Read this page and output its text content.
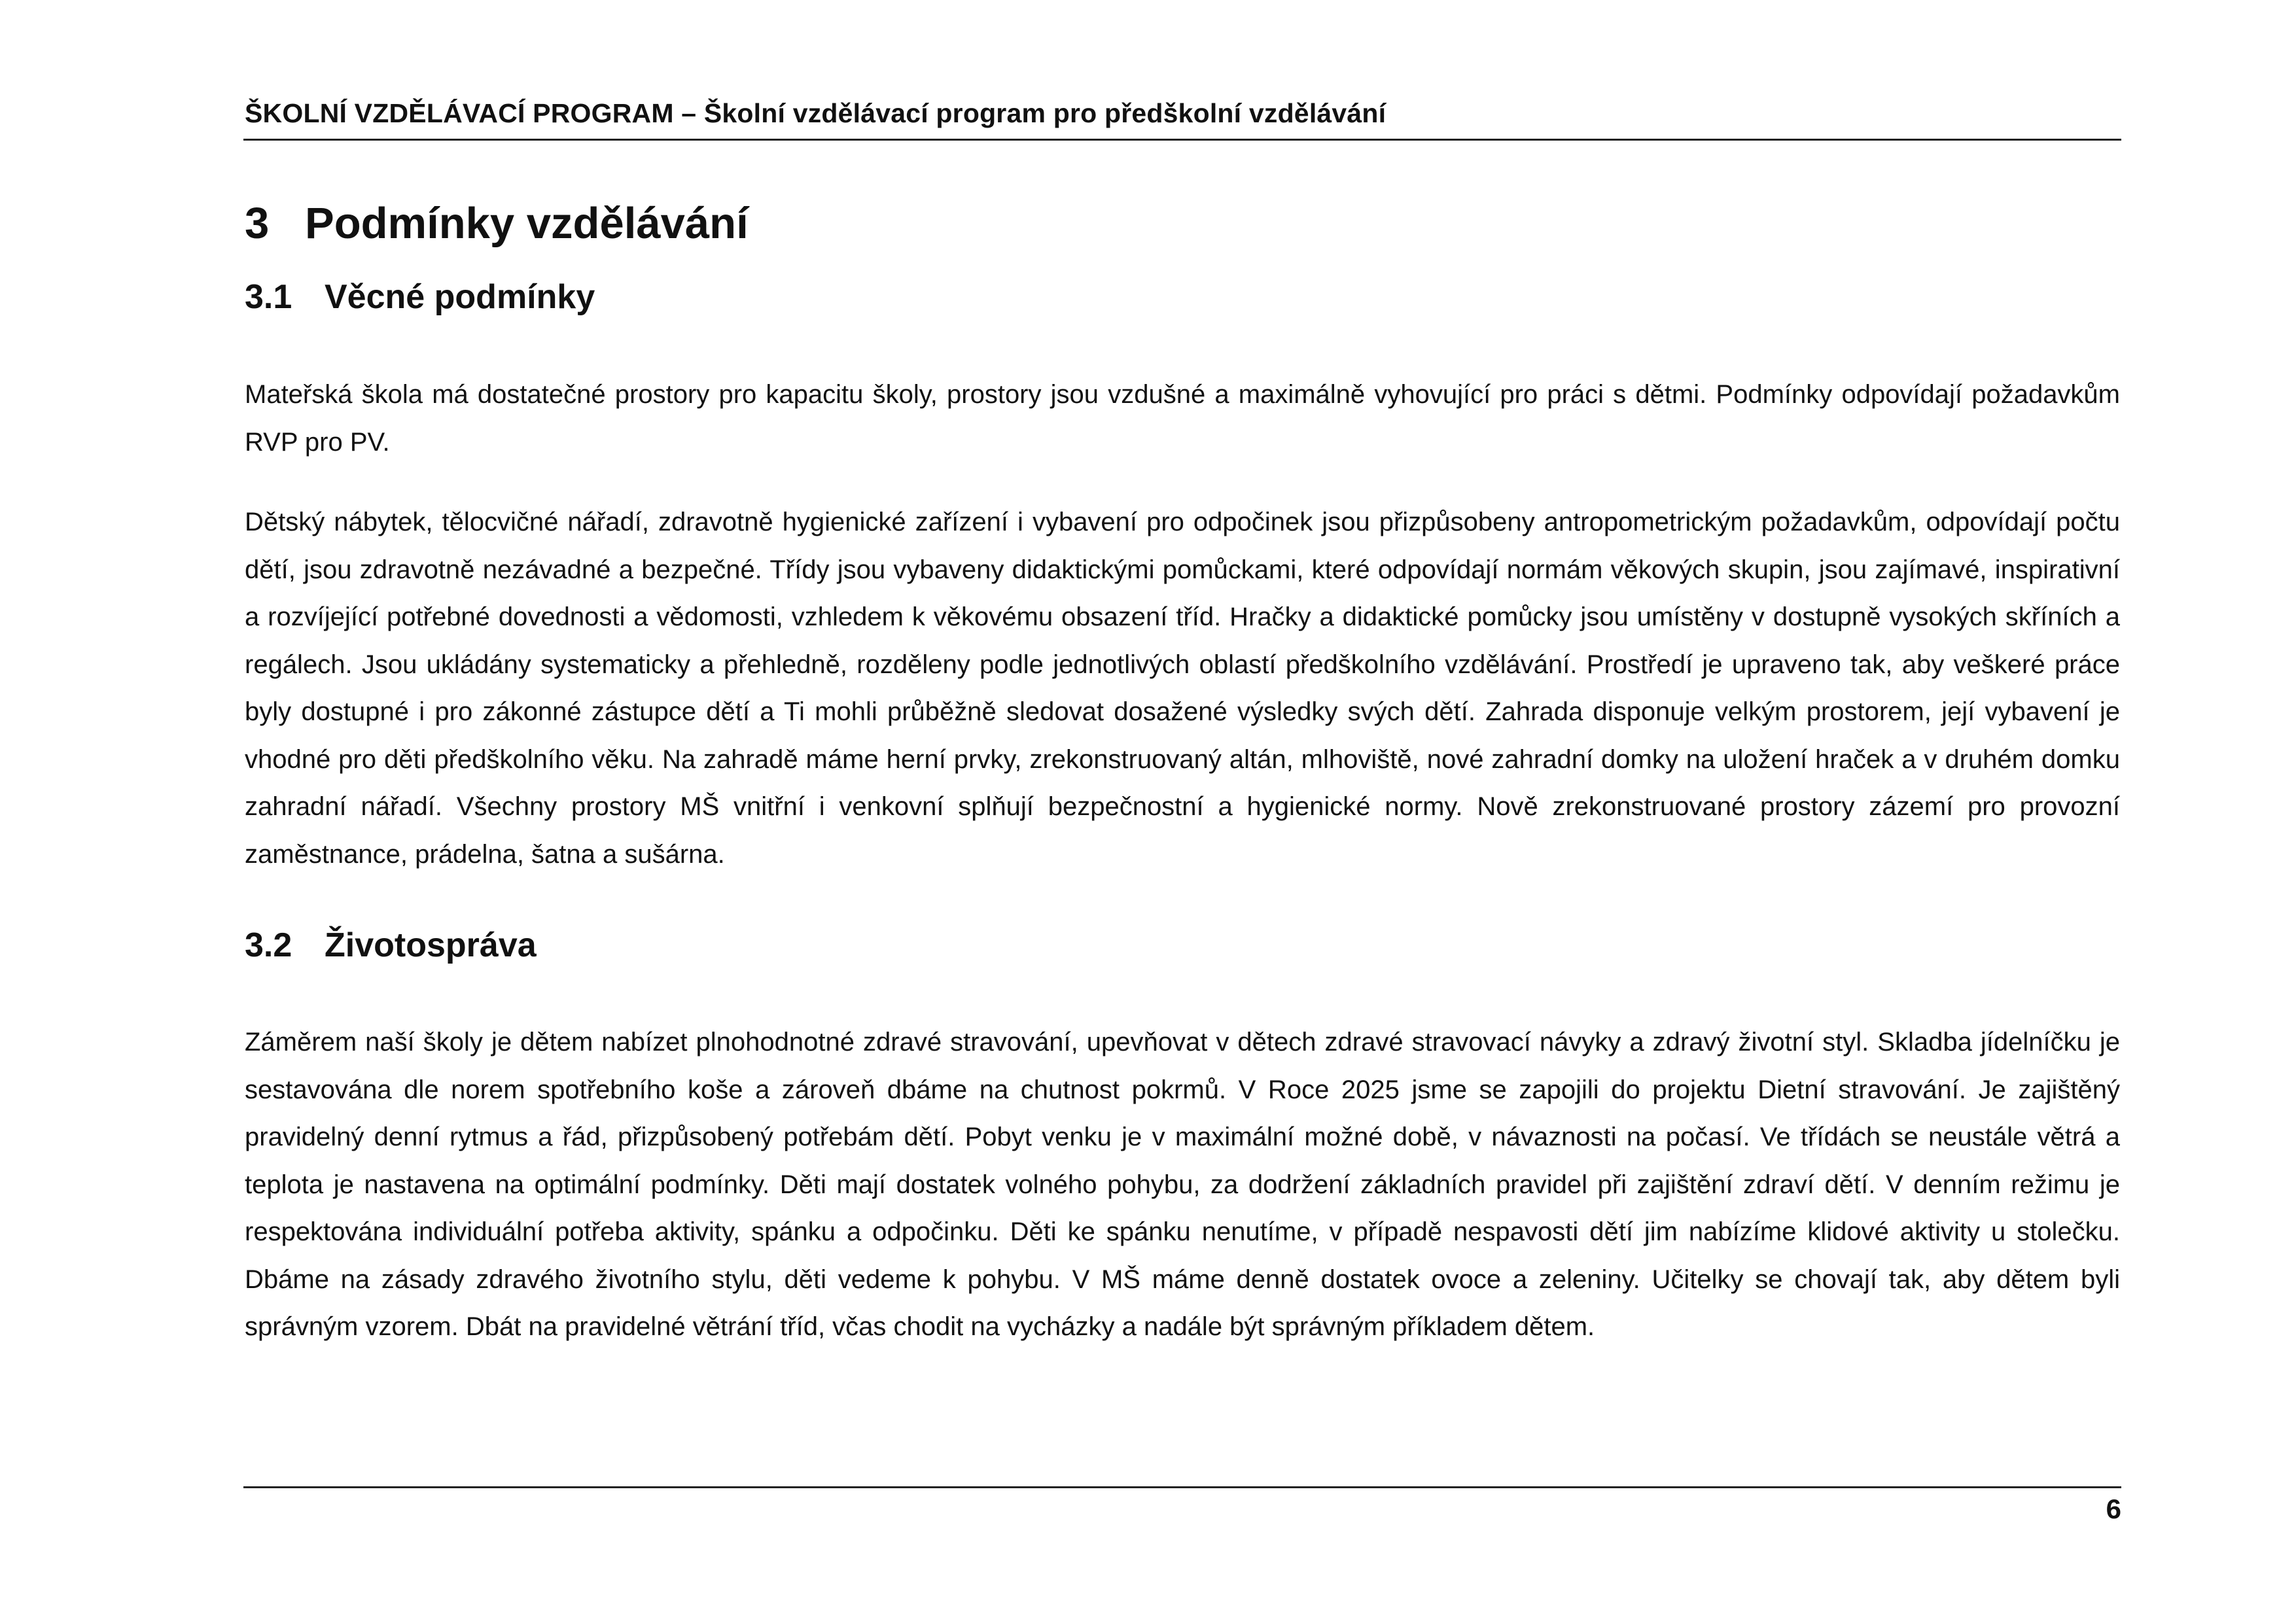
ŠKOLNÍ VZDĚLÁVACÍ PROGRAM – Školní vzdělávací program pro předškolní vzdělávání
3 Podmínky vzdělávání
3.1 Věcné podmínky

Mateřská škola má dostatečné prostory pro kapacitu školy, prostory jsou vzdušné a maximálně vyhovující pro práci s dětmi. Podmínky odpovídají požadavkům RVP pro PV.

Dětský nábytek, tělocvičné nářadí, zdravotně hygienické zařízení i vybavení pro odpočinek jsou přizpůsobeny antropometrickým požadavkům, odpovídají počtu dětí, jsou zdravotně nezávadné a bezpečné. Třídy jsou vybaveny didaktickými pomůckami, které odpovídají normám věkových skupin, jsou zajímavé, inspirativní a rozvíjející potřebné dovednosti a vědomosti, vzhledem k věkovému obsazení tříd. Hračky a didaktické pomůcky jsou umístěny v dostupně vysokých skříních a regálech. Jsou ukládány systematicky a přehledně, rozděleny podle jednotlivých oblastí předškolního vzdělávání. Prostředí je upraveno tak, aby veškeré práce byly dostupné i pro zákonné zástupce dětí a Ti mohli průběžně sledovat dosažené výsledky svých dětí. Zahrada disponuje velkým prostorem, její vybavení je vhodné pro děti předškolního věku. Na zahradě máme herní prvky, zrekonstruovaný altán, mlhoviště, nové zahradní domky na uložení hraček a v druhém domku zahradní nářadí. Všechny prostory MŠ vnitřní i venkovní splňují bezpečnostní a hygienické normy. Nově zrekonstruované prostory zázemí pro provozní zaměstnance, prádelna, šatna a sušárna.

3.2 Životospráva

Záměrem naší školy je dětem nabízet plnohodnotné zdravé stravování, upevňovat v dětech zdravé stravovací návyky a zdravý životní styl. Skladba jídelníčku je sestavována dle norem spotřebního koše a zároveň dbáme na chutnost pokrmů. V Roce 2025 jsme se zapojili do projektu Dietní stravování. Je zajištěný pravidelný denní rytmus a řád, přizpůsobený potřebám dětí. Pobyt venku je v maximální možné době, v návaznosti na počasí. Ve třídách se neustále větrá a teplota je nastavena na optimální podmínky. Děti mají dostatek volného pohybu, za dodržení základních pravidel při zajištění zdraví dětí. V denním režimu je respektována individuální potřeba aktivity, spánku a odpočinku. Děti ke spánku nenutíme, v případě nespavosti dětí jim nabízíme klidové aktivity u stolečku. Dbáme na zásady zdravého životního stylu, děti vedeme k pohybu. V MŠ máme denně dostatek ovoce a zeleniny. Učitelky se chovají tak, aby dětem byli správným vzorem. Dbát na pravidelné větrání tříd, včas chodit na vycházky a nadále být správným příkladem dětem.

6
